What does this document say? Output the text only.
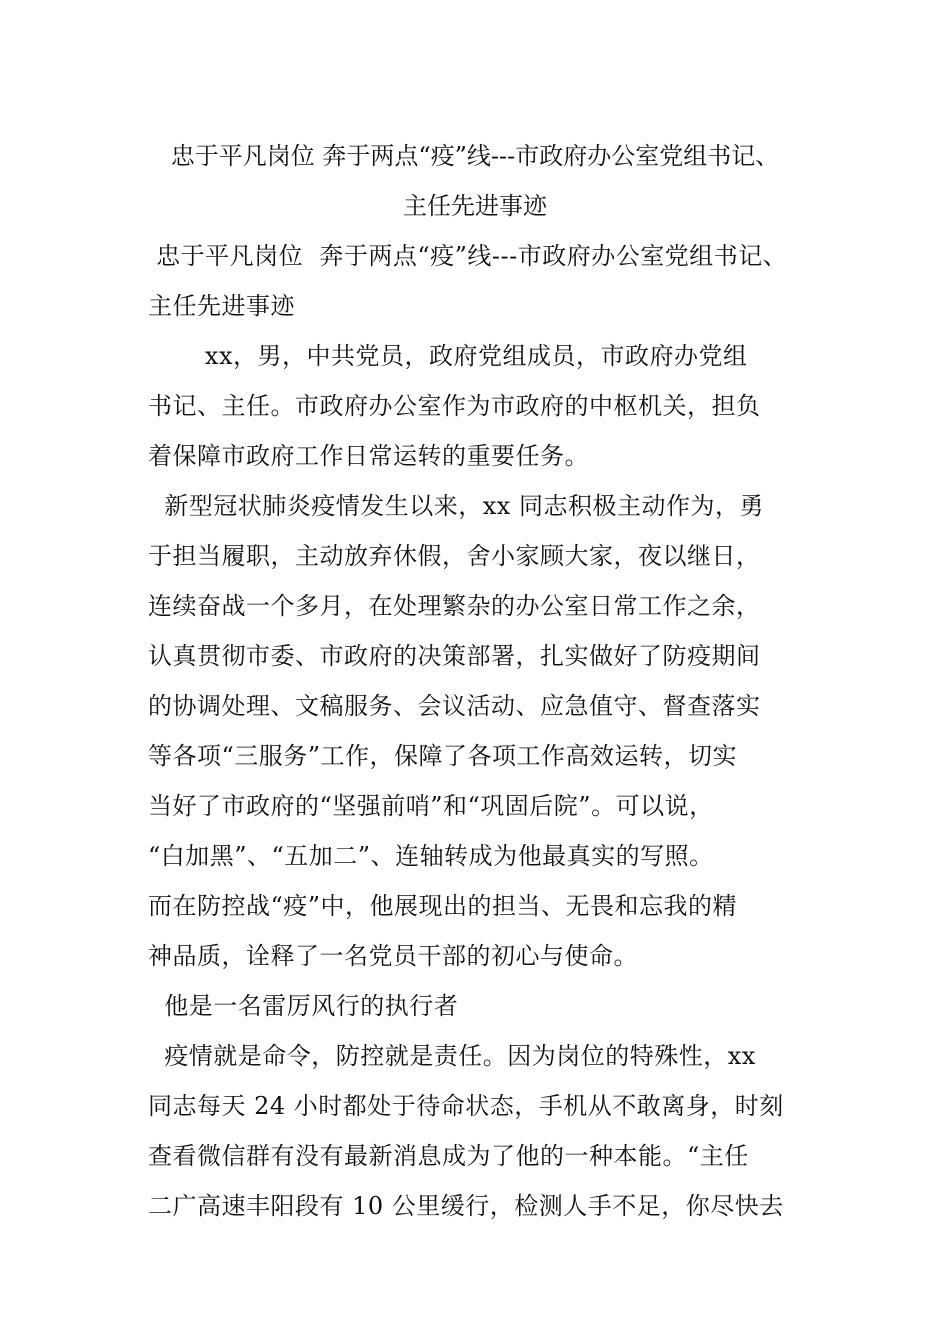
忠于平凡岗位 奔于两点“疫”线---市政府办公室党组书记、
主任先进事迹
忠于平凡岗位  奔于两点“疫”线---市政府办公室党组书记、
主任先进事迹
xx，男，中共党员，政府党组成员，市政府办党组
书记、主任。市政府办公室作为市政府的中枢机关，担负
着保障市政府工作日常运转的重要任务。
新型冠状肺炎疫情发生以来，xx 同志积极主动作为，勇
于担当履职，主动放弃休假，舍小家顾大家，夜以继日，
连续奋战一个多月，在处理繁杂的办公室日常工作之余，
认真贯彻市委、市政府的决策部署，扎实做好了防疫期间
的协调处理、文稿服务、会议活动、应急值守、督查落实
等各项“三服务”工作，保障了各项工作高效运转，切实
当好了市政府的“坚强前哨”和“巩固后院”。可以说，
“白加黑”、“五加二”、连轴转成为他最真实的写照。
而在防控战“疫”中，他展现出的担当、无畏和忘我的精
神品质，诠释了一名党员干部的初心与使命。
他是一名雷厉风行的执行者
疫情就是命令，防控就是责任。因为岗位的特殊性，xx
同志每天 24 小时都处于待命状态，手机从不敢离身，时刻
查看微信群有没有最新消息成为了他的一种本能。“主任
二广高速丰阳段有 10 公里缓行，检测人手不足，你尽快去
